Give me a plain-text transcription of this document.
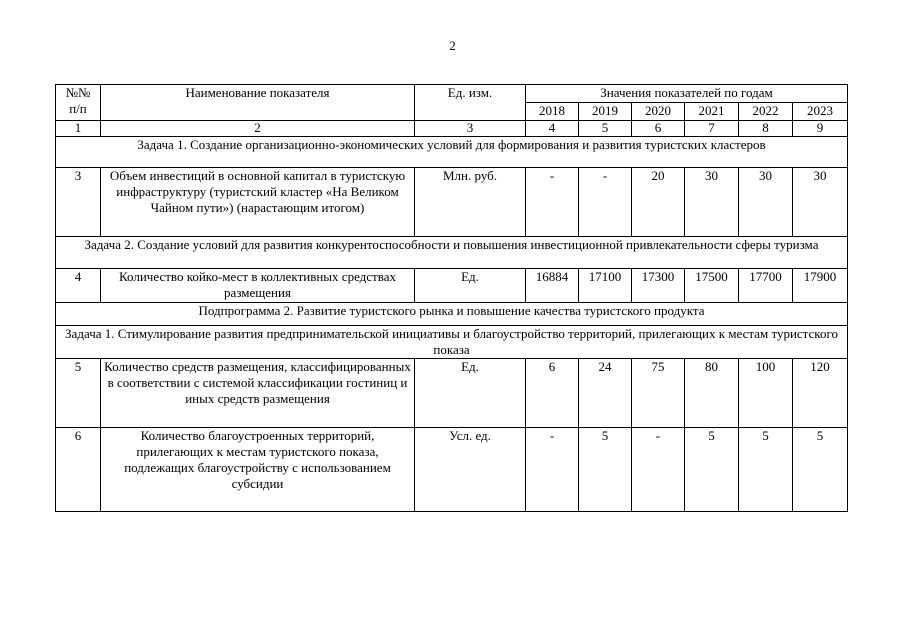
2
№№
п/п	Наименование показателя	Ед. изм.	Значения показателей по годам					
			2018	2019	2020	2021	2022	2023
1	2	3	4	5	6	7	8	9
Задача 1. Создание организационно-экономических условий для формирования и развития туристских кластеров								
3	Объем инвестиций в основной капитал в туристскую инфраструктуру (туристский кластер «На Великом Чайном пути») (нарастающим итогом)	Млн. руб.	-	-	20	30	30	30
Задача 2. Создание условий для развития конкурентоспособности и повышения инвестиционной привлекательности сферы туризма								
4	Количество койко-мест в коллективных средствах размещения	Ед.	16884	17100	17300	17500	17700	17900
Подпрограмма 2. Развитие туристского рынка и повышение качества туристского продукта								
Задача 1. Стимулирование развития предпринимательской инициативы и благоустройство территорий, прилегающих к местам туристского показа								
5	Количество средств размещения, классифицированных в соответствии с системой классификации гостиниц и иных средств размещения	Ед.	6	24	75	80	100	120
6	Количество благоустроенных территорий, прилегающих к местам туристского показа, подлежащих благоустройству с использованием субсидии	Усл. ед.	-	5	-	5	5	5
